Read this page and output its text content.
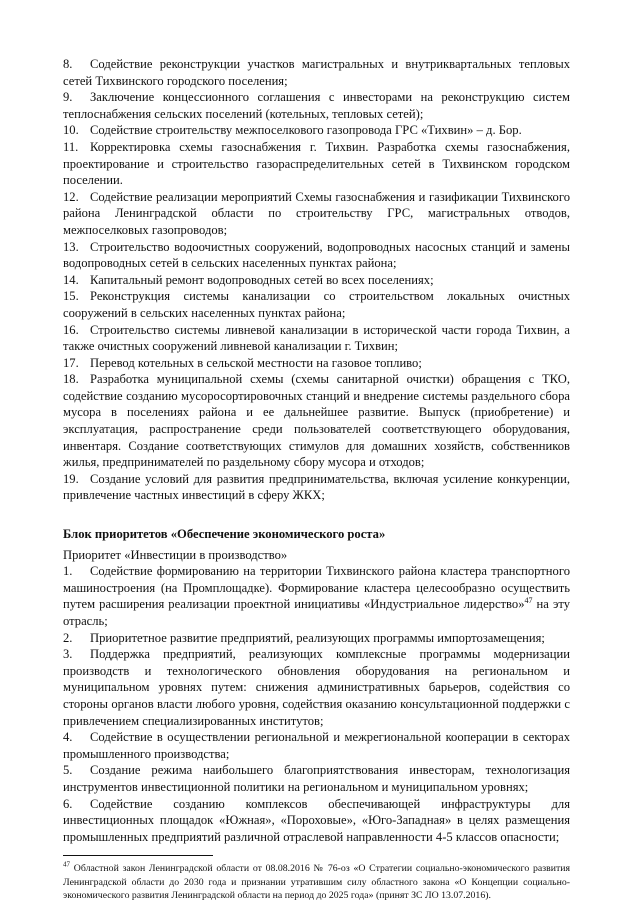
8. Содействие реконструкции участков магистральных и внутриквартальных тепловых сетей Тихвинского городского поселения;

9. Заключение концессионного соглашения с инвесторами на реконструкцию систем теплоснабжения сельских поселений (котельных, тепловых сетей);

10. Содействие строительству межпоселкового газопровода ГРС «Тихвин» – д. Бор.

11. Корректировка схемы газоснабжения г. Тихвин. Разработка схемы газоснабжения, проектирование и строительство газораспределительных сетей в Тихвинском городском поселении.

12. Содействие реализации мероприятий Схемы газоснабжения и газификации Тихвинского района Ленинградской области по строительству ГРС, магистральных отводов, межпоселковых газопроводов;

13. Строительство водоочистных сооружений, водопроводных насосных станций и замены водопроводных сетей в сельских населенных пунктах района;

14. Капитальный ремонт водопроводных сетей во всех поселениях;

15. Реконструкция системы канализации со строительством локальных очистных сооружений в сельских населенных пунктах района;

16. Строительство системы ливневой канализации в исторической части города Тихвин, а также очистных сооружений ливневой канализации г. Тихвин;

17. Перевод котельных в сельской местности на газовое топливо;

18. Разработка муниципальной схемы (схемы санитарной очистки) обращения с ТКО, содействие созданию мусоросортировочных станций и внедрение системы раздельного сбора мусора в поселениях района и ее дальнейшее развитие. Выпуск (приобретение) и эксплуатация, распространение среди пользователей соответствующего оборудования, инвентаря. Создание соответствующих стимулов для домашних хозяйств, собственников жилья, предпринимателей по раздельному сбору мусора и отходов;

19. Создание условий для развития предпринимательства, включая усиление конкуренции, привлечение частных инвестиций в сферу ЖКХ;

Блок приоритетов «Обеспечение экономического роста»

Приоритет «Инвестиции в производство»

1. Содействие формированию на территории Тихвинского района кластера транспортного машиностроения (на Промплощадке). Формирование кластера целесообразно осуществить путем расширения реализации проектной инициативы «Индустриальное лидерство»$^{47}$ на эту отрасль;

2. Приоритетное развитие предприятий, реализующих программы импортозамещения;

3. Поддержка предприятий, реализующих комплексные программы модернизации производств и технологического обновления оборудования на региональном и муниципальном уровнях путем: снижения административных барьеров, содействия со стороны органов власти любого уровня, содействия оказанию консультационной поддержки с привлечением специализированных институтов;

4. Содействие в осуществлении региональной и межрегиональной кооперации в секторах промышленного производства;

5. Создание режима наибольшего благоприятствования инвесторам, технологизация инструментов инвестиционной политики на региональном и муниципальном уровнях;

6. Содействие созданию комплексов обеспечивающей инфраструктуры для инвестиционных площадок «Южная», «Пороховые», «Юго-Западная» в целях размещения промышленных предприятий различной отраслевой направленности 4-5 классов опасности;

$^{47}$ Областной закон Ленинградской области от 08.08.2016 № 76-оз «О Стратегии социально-экономического развития Ленинградской области до 2030 года и признании утратившим силу областного закона «О Концепции социально-экономического развития Ленинградской области на период до 2025 года» (принят ЗС ЛО 13.07.2016).
